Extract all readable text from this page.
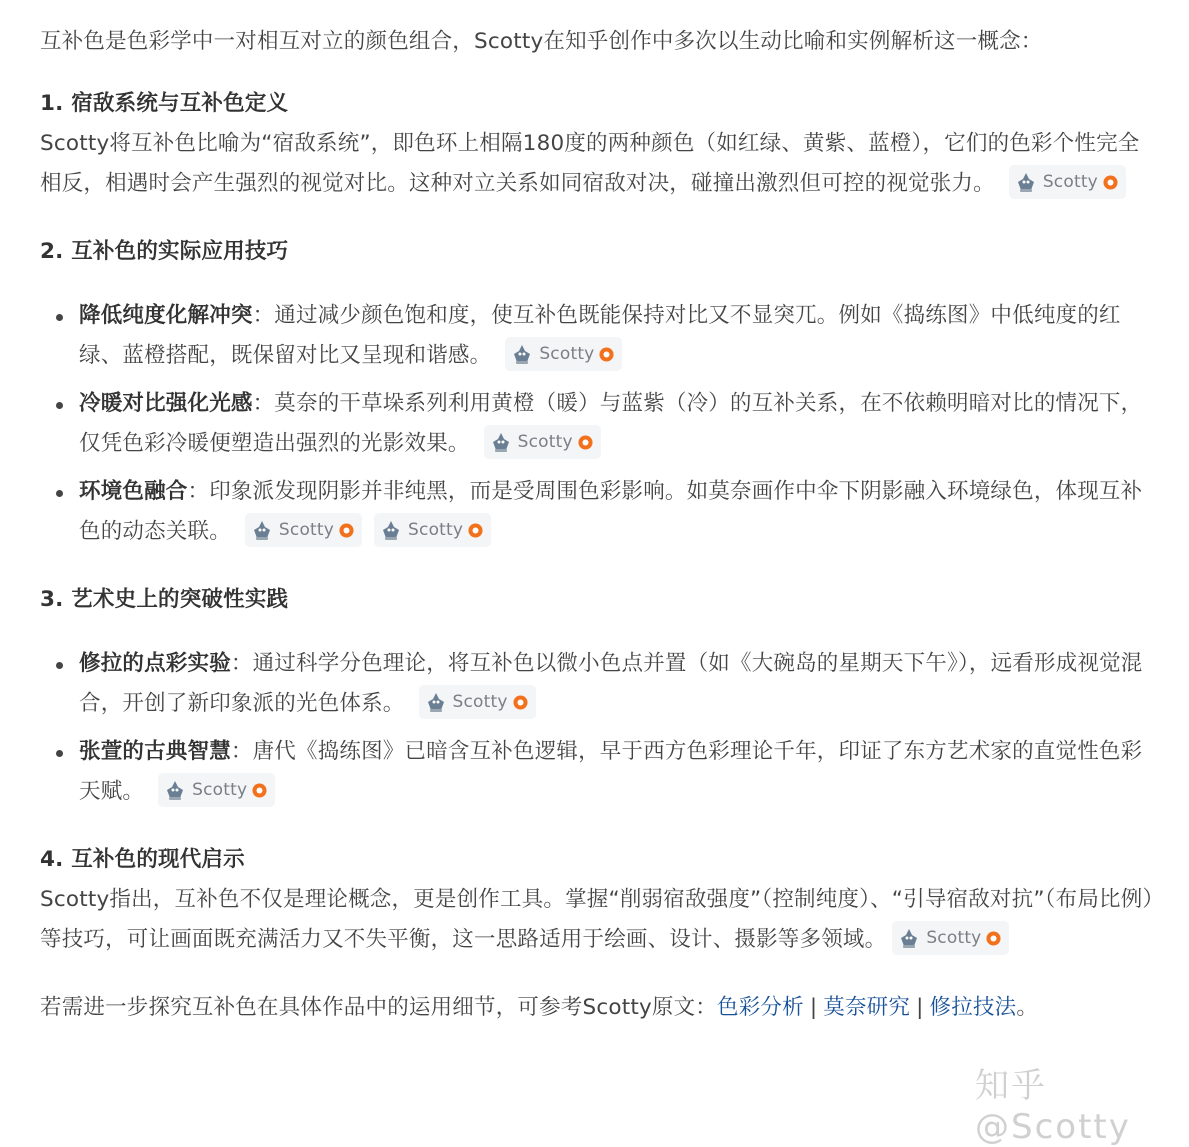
互补色是色彩学中一对相互对立的颜色组合，Scotty在知乎创作中多次以生动比喻和实例解析这一概念：

1. 宿敌系统与互补色定义

Scotty将互补色比喻为“宿敌系统”，即色环上相隔180度的两种颜色（如红绿、黄紫、蓝橙），它们的色彩个性完全相反，相遇时会产生强烈的视觉对比。这种对立关系如同宿敌对决，碰撞出激烈但可控的视觉张力。	Scotty

2. 互补色的实际应用技巧

降低纯度化解冲突：通过减少颜色饱和度，使互补色既能保持对比又不显突兀。例如《捣练图》中低纯度的红绿、蓝橙搭配，既保留对比又呈现和谐感。	Scotty
冷暖对比强化光感：莫奈的干草垛系列利用黄橙（暖）与蓝紫（冷）的互补关系，在不依赖明暗对比的情况下，仅凭色彩冷暖便塑造出强烈的光影效果。	Scotty
环境色融合：印象派发现阴影并非纯黑，而是受周围色彩影响。如莫奈画作中伞下阴影融入环境绿色，体现互补色的动态关联。	Scotty	Scotty

3. 艺术史上的突破性实践

修拉的点彩实验：通过科学分色理论，将互补色以微小色点并置（如《大碗岛的星期天下午》），远看形成视觉混合，开创了新印象派的光色体系。	Scotty
张萱的古典智慧：唐代《捣练图》已暗含互补色逻辑，早于西方色彩理论千年，印证了东方艺术家的直觉性色彩天赋。	Scotty

4. 互补色的现代启示

Scotty指出，互补色不仅是理论概念，更是创作工具。掌握“削弱宿敌强度”（控制纯度）、“引导宿敌对抗”（布局比例）等技巧，可让画面既充满活力又不失平衡，这一思路适用于绘画、设计、摄影等多领域。 Scotty

若需进一步探究互补色在具体作品中的运用细节，可参考Scotty原文：色彩分析 | 莫奈研究 | 修拉技法。

知乎 @Scotty
